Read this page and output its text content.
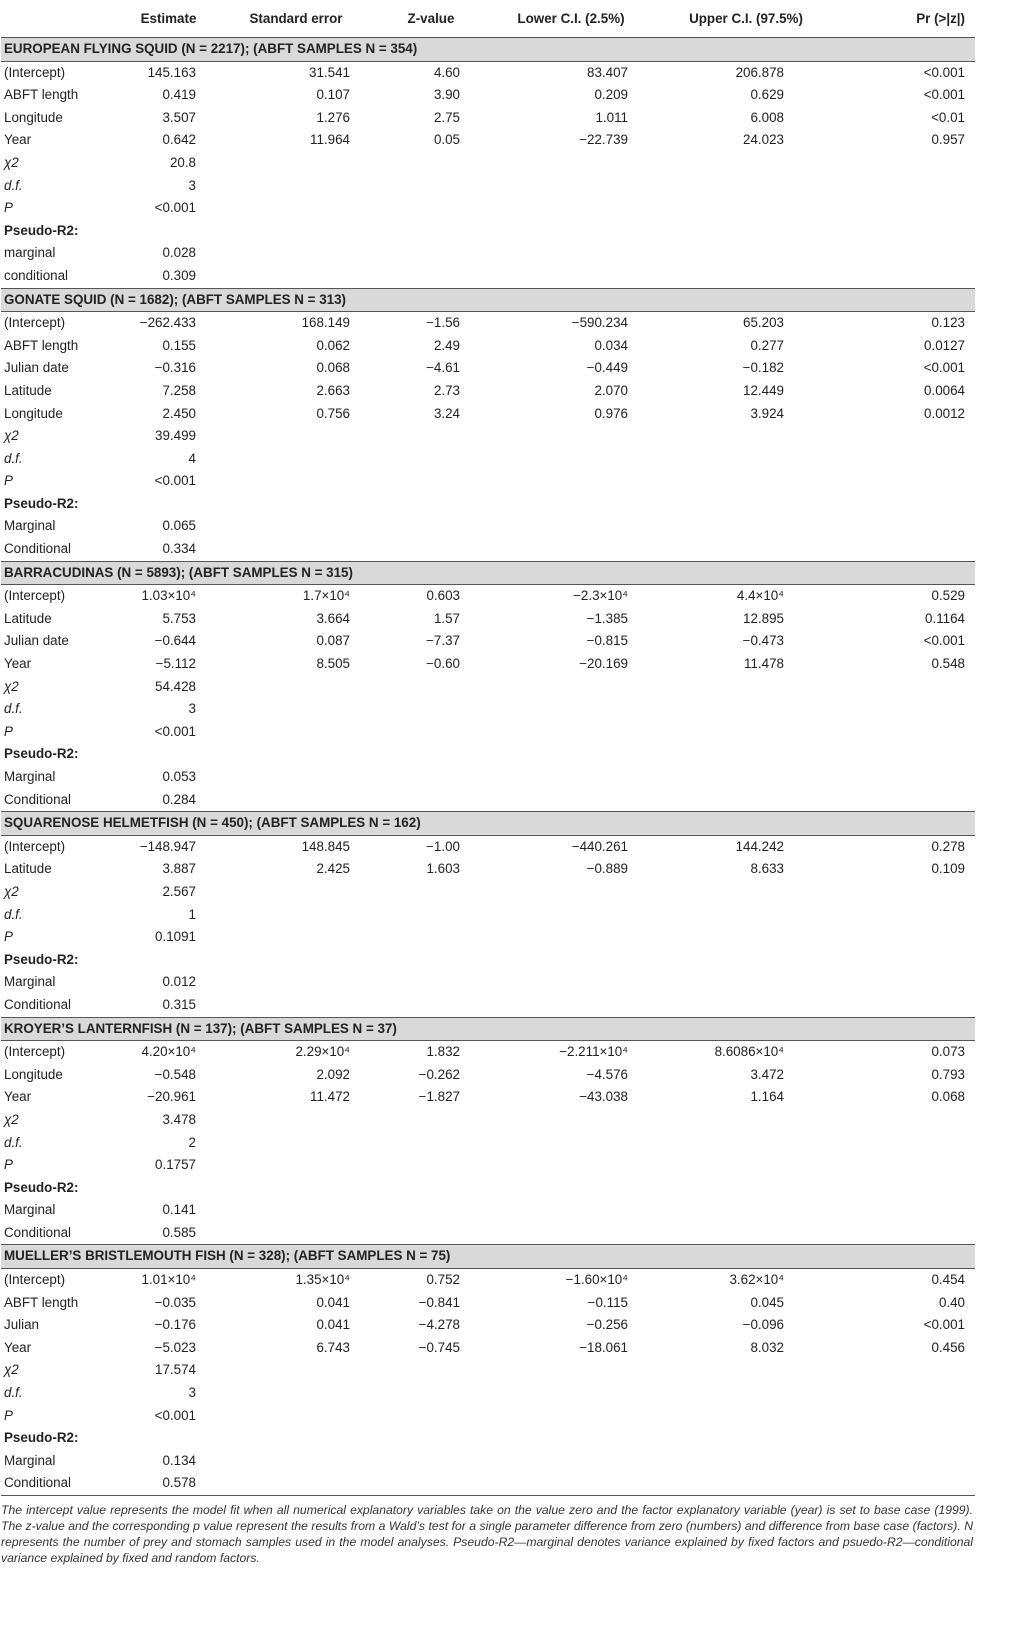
	Estimate	Standard error	Z-value	Lower C.I. (2.5%)	Upper C.I. (97.5%)	Pr (>|z|)
EUROPEAN FLYING SQUID (N = 2217); (ABFT SAMPLES N = 354)						
(Intercept)	145.163	31.541	4.60	83.407	206.878	<0.001
ABFT length	0.419	0.107	3.90	0.209	0.629	<0.001
Longitude	3.507	1.276	2.75	1.011	6.008	<0.01
Year	0.642	11.964	0.05	−22.739	24.023	0.957
χ2	20.8					
d.f.	3					
P	<0.001					
Pseudo-R2:						
marginal	0.028					
conditional	0.309					
GONATE SQUID (N = 1682); (ABFT SAMPLES N = 313)						
(Intercept)	−262.433	168.149	−1.56	−590.234	65.203	0.123
ABFT length	0.155	0.062	2.49	0.034	0.277	0.0127
Julian date	−0.316	0.068	−4.61	−0.449	−0.182	<0.001
Latitude	7.258	2.663	2.73	2.070	12.449	0.0064
Longitude	2.450	0.756	3.24	0.976	3.924	0.0012
χ2	39.499					
d.f.	4					
P	<0.001					
Pseudo-R2:						
Marginal	0.065					
Conditional	0.334					
BARRACUDINAS (N = 5893); (ABFT SAMPLES N = 315)						
(Intercept)	1.03×10⁴	1.7×10⁴	0.603	−2.3×10⁴	4.4×10⁴	0.529
Latitude	5.753	3.664	1.57	−1.385	12.895	0.1164
Julian date	−0.644	0.087	−7.37	−0.815	−0.473	<0.001
Year	−5.112	8.505	−0.60	−20.169	11.478	0.548
χ2	54.428					
d.f.	3					
P	<0.001					
Pseudo-R2:						
Marginal	0.053					
Conditional	0.284					
SQUARENOSE HELMETFISH (N = 450); (ABFT SAMPLES N = 162)						
(Intercept)	−148.947	148.845	−1.00	−440.261	144.242	0.278
Latitude	3.887	2.425	1.603	−0.889	8.633	0.109
χ2	2.567					
d.f.	1					
P	0.1091					
Pseudo-R2:						
Marginal	0.012					
Conditional	0.315					
KROYER’S LANTERNFISH (N = 137); (ABFT SAMPLES N = 37)						
(Intercept)	4.20×10⁴	2.29×10⁴	1.832	−2.211×10⁴	8.6086×10⁴	0.073
Longitude	−0.548	2.092	−0.262	−4.576	3.472	0.793
Year	−20.961	11.472	−1.827	−43.038	1.164	0.068
χ2	3.478					
d.f.	2					
P	0.1757					
Pseudo-R2:						
Marginal	0.141					
Conditional	0.585					
MUELLER’S BRISTLEMOUTH FISH (N = 328); (ABFT SAMPLES N = 75)						
(Intercept)	1.01×10⁴	1.35×10⁴	0.752	−1.60×10⁴	3.62×10⁴	0.454
ABFT length	−0.035	0.041	−0.841	−0.115	0.045	0.40
Julian	−0.176	0.041	−4.278	−0.256	−0.096	<0.001
Year	−5.023	6.743	−0.745	−18.061	8.032	0.456
χ2	17.574					
d.f.	3					
P	<0.001					
Pseudo-R2:						
Marginal	0.134					
Conditional	0.578					

The intercept value represents the model fit when all numerical explanatory variables take on the value zero and the factor explanatory variable (year) is set to base case (1999). The z-value and the corresponding p value represent the results from a Wald’s test for a single parameter difference from zero (numbers) and difference from base case (factors). N represents the number of prey and stomach samples used in the model analyses. Pseudo-R2—marginal denotes variance explained by fixed factors and psuedo-R2—conditional variance explained by fixed and random factors.
